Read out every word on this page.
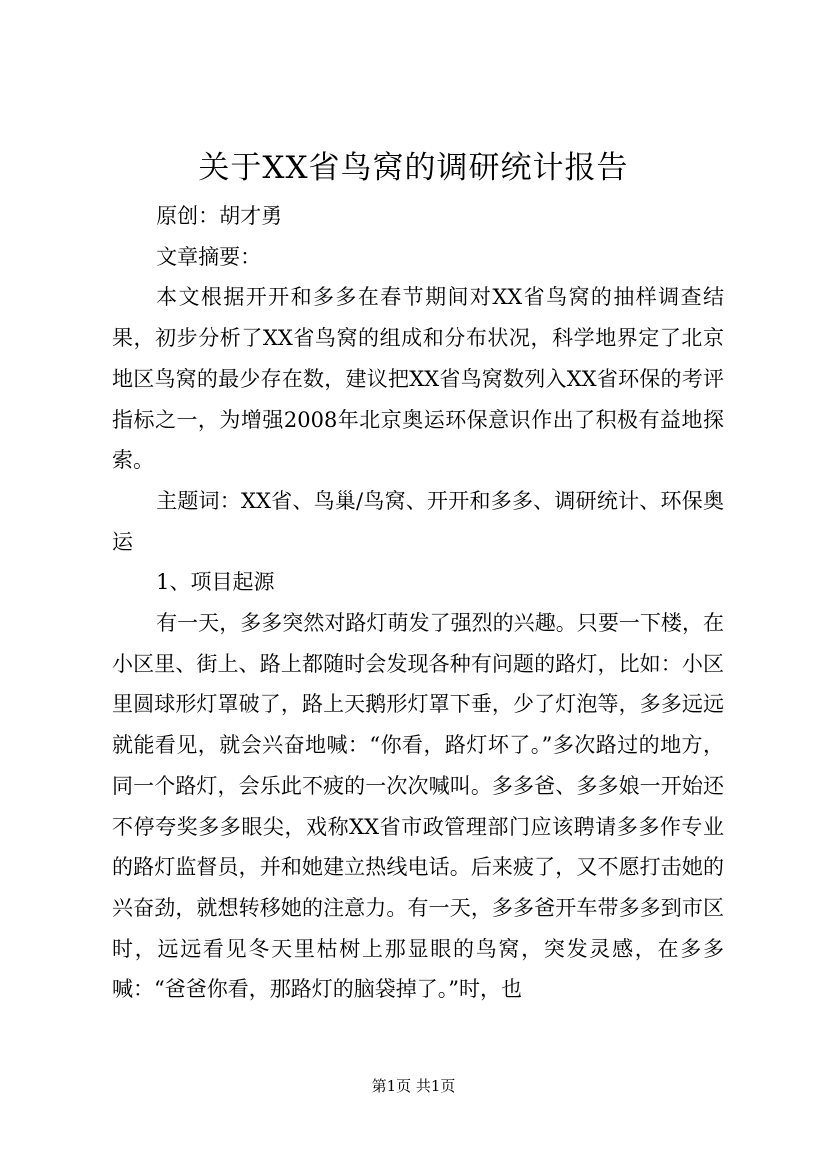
关于XX省鸟窝的调研统计报告

原创：胡才勇

文章摘要：

本文根据开开和多多在春节期间对XX省鸟窝的抽样调查结果，初步分析了XX省鸟窝的组成和分布状况，科学地界定了北京地区鸟窝的最少存在数，建议把XX省鸟窝数列入XX省环保的考评指标之一，为增强2008年北京奥运环保意识作出了积极有益地探索。

主题词：XX省、鸟巢/鸟窝、开开和多多、调研统计、环保奥运

1、项目起源

有一天，多多突然对路灯萌发了强烈的兴趣。只要一下楼，在小区里、街上、路上都随时会发现各种有问题的路灯，比如：小区里圆球形灯罩破了，路上天鹅形灯罩下垂，少了灯泡等，多多远远就能看见，就会兴奋地喊：“你看，路灯坏了。”多次路过的地方，同一个路灯，会乐此不疲的一次次喊叫。多多爸、多多娘一开始还不停夸奖多多眼尖，戏称XX省市政管理部门应该聘请多多作专业的路灯监督员，并和她建立热线电话。后来疲了，又不愿打击她的兴奋劲，就想转移她的注意力。有一天，多多爸开车带多多到市区时，远远看见冬天里枯树上那显眼的鸟窝，突发灵感，在多多喊：“爸爸你看，那路灯的脑袋掉了。”时，也

第1页 共1页
